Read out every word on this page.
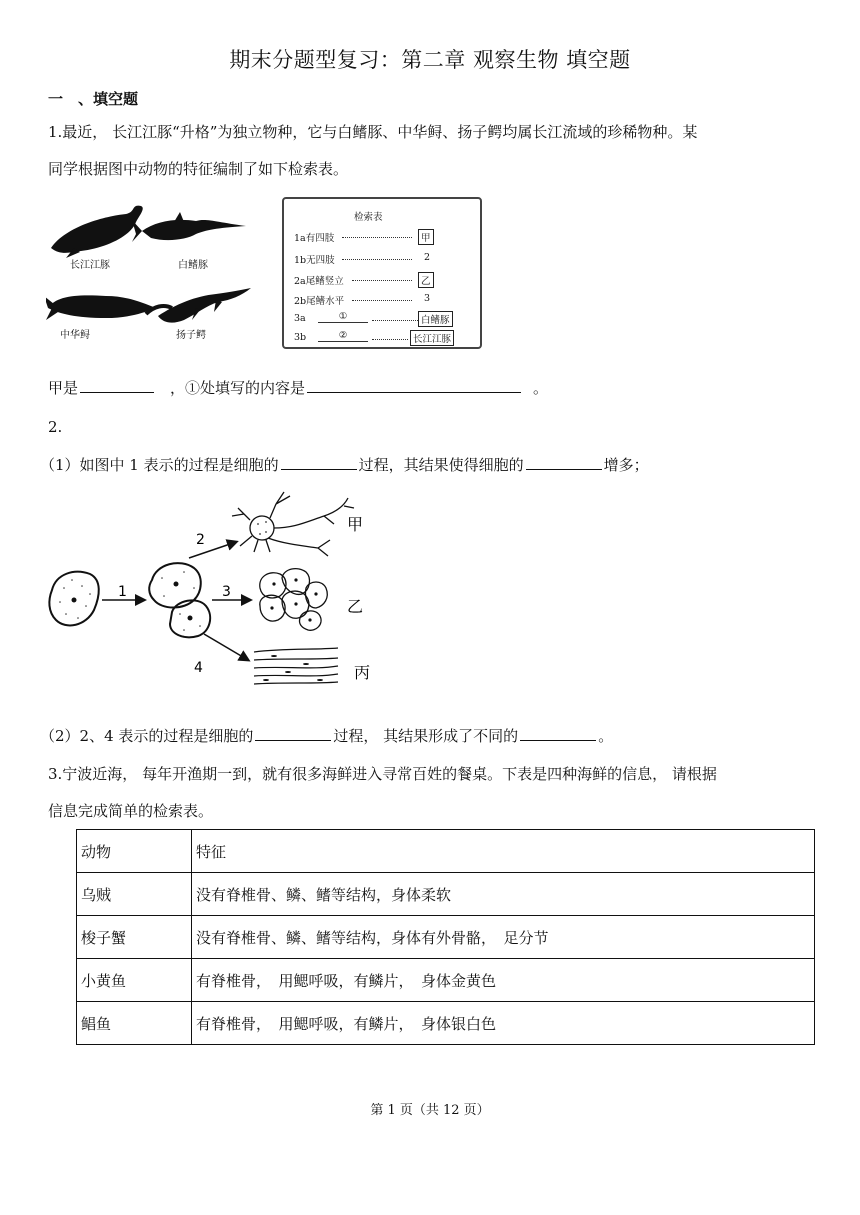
期末分题型复习：第二章 观察生物 填空题
一　、填空题
1.最近， 长江江豚“升格”为独立物种，它与白鳍豚、中华鲟、扬子鳄均属长江流域的珍稀物种。某
同学根据图中动物的特征编制了如下检索表。
长江江豚	白鳍豚
中华鲟	扬子鳄
检索表
1a有四肢	甲
1b无四肢	2
2a尾鳍竖立	乙
2b尾鳍水平	3
3a	①	白鳍豚
3b	②	长江江豚
甲是	，①处填写的内容是	。
2.
（1）如图中 1 表示的过程是细胞的	过程，其结果使得细胞的	增多；
1
2
甲
3
乙
4	丙
（2）2、4 表示的过程是细胞的	过程， 其结果形成了不同的	。
3.宁波近海， 每年开渔期一到，就有很多海鲜进入寻常百姓的餐桌。下表是四种海鲜的信息， 请根据
信息完成简单的检索表。
动物	特征
乌贼	没有脊椎骨、鳞、鳍等结构，身体柔软
梭子蟹	没有脊椎骨、鳞、鳍等结构，身体有外骨骼，　足分节
小黄鱼	有脊椎骨，　用鳃呼吸，有鳞片，　身体金黄色
鲳鱼	有脊椎骨，　用鳃呼吸，有鳞片，　身体银白色
第 1 页（共 12 页）
